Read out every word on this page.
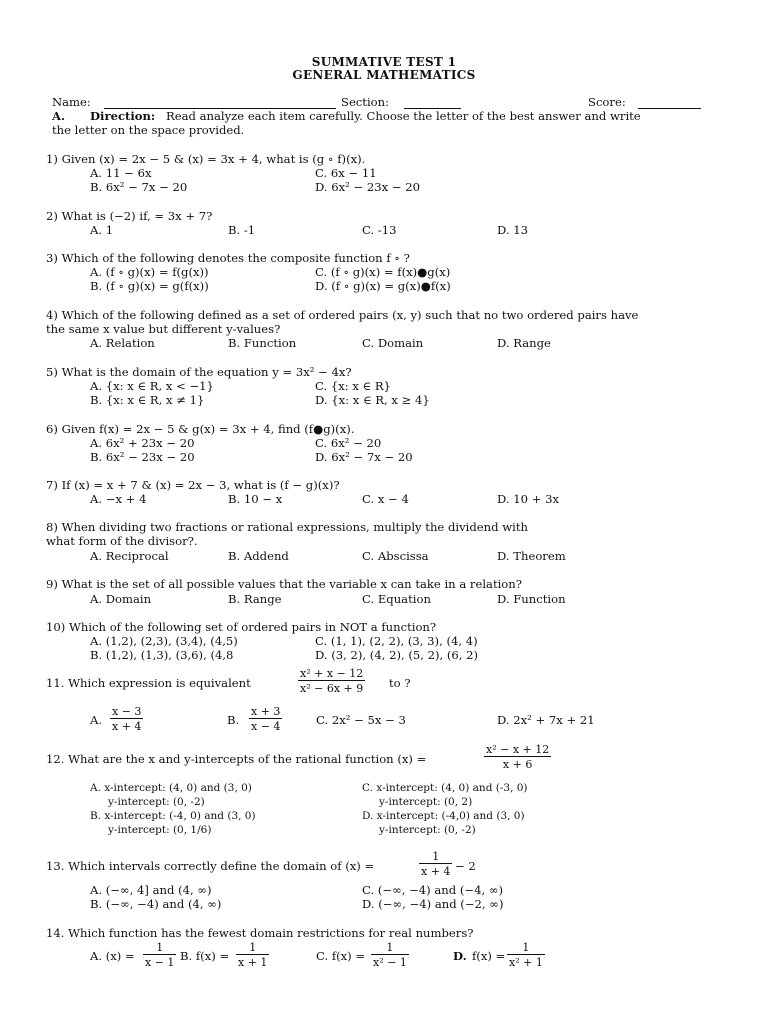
SUMMATIVE TEST 1
GENERAL MATHEMATICS
Name:	Section:	Score:
A. Direction: Read analyze each item carefully. Choose the letter of the best answer and write
the letter on the space provided.
1) Given (x) = 2x − 5 & (x) = 3x + 4, what is (g ∘ f)(x).
A. 11 − 6x	C. 6x − 11
B. 6x² − 7x − 20	D. 6x² − 23x − 20
2) What is (−2) if, = 3x + 7?
A. 1	B. -1	C. -13	D. 13
3) Which of the following denotes the composite function f ∘ ?
A. (f ∘ g)(x) = f(g(x))	C. (f ∘ g)(x) = f(x)●g(x)
B. (f ∘ g)(x) = g(f(x))	D. (f ∘ g)(x) = g(x)●f(x)
4) Which of the following defined as a set of ordered pairs (x, y) such that no two ordered pairs have
the same x value but different y-values?
A. Relation	B. Function	C. Domain	D. Range
5) What is the domain of the equation y = 3x² − 4x?
A. {x: x ∈ R, x < −1}	C. {x: x ∈ R}
B. {x: x ∈ R, x ≠ 1}	D. {x: x ∈ R, x ≥ 4}
6) Given f(x) = 2x − 5 & g(x) = 3x + 4, find (f●g)(x).
A. 6x² + 23x − 20	C. 6x² − 20
B. 6x² − 23x − 20	D. 6x² − 7x − 20
7) If (x) = x + 7 & (x) = 2x − 3, what is (f − g)(x)?
A. −x + 4	B. 10 − x	C. x − 4	D. 10 + 3x
8) When dividing two fractions or rational expressions, multiply the dividend with
what form of the divisor?.
A. Reciprocal	B. Addend	C. Abscissa	D. Theorem
9) What is the set of all possible values that the variable x can take in a relation?
A. Domain	B. Range	C. Equation	D. Function
10) Which of the following set of ordered pairs in NOT a function?
A. (1,2), (2,3), (3,4), (4,5)	C. (1, 1), (2, 2), (3, 3), (4, 4)
B. (1,2), (1,3), (3,6), (4,8	D. (3, 2), (4, 2), (5, 2), (6, 2)
11. Which expression is equivalent	$\frac{\text{x² + x − 12}}{\text{x² − 6x + 9}}$ to ?
A. $\frac{x - 3}{x + 4}$	B. $\frac{x + 3}{x - 4}$	C. 2x² − 5x − 3	D. 2x² + 7x + 21
12. What are the x and y-intercepts of the rational function (x) =	$\frac{\text{x² − x + 12}}{x + 6}$
A. x-intercept: (4, 0) and (3, 0)
y-intercept: (0, -2)
B. x-intercept: (-4, 0) and (3, 0)
y-intercept: (0, 1/6)
C. x-intercept: (4, 0) and (-3, 0)
y-intercept: (0, 2)
D. x-intercept: (-4,0) and (3, 0)
y-intercept: (0, -2)
13. Which intervals correctly define the domain of (x) =	$\frac{1}{x + 4} - 2$
A. (−∞, 4] and (4, ∞)	C. (−∞, −4) and (−4, ∞)
B. (−∞, −4) and (4, ∞)	D. (−∞, −4) and (−2, ∞)
14. Which function has the fewest domain restrictions for real numbers?
A. $(x) = \frac{1}{x - 1} B$. $f(x) = \frac{1}{x + 1}$	C. $f(x) = \frac{1}{\text{x² − 1}}$	D. $f(x) = \frac{1}{\text{x² + 1}}$
